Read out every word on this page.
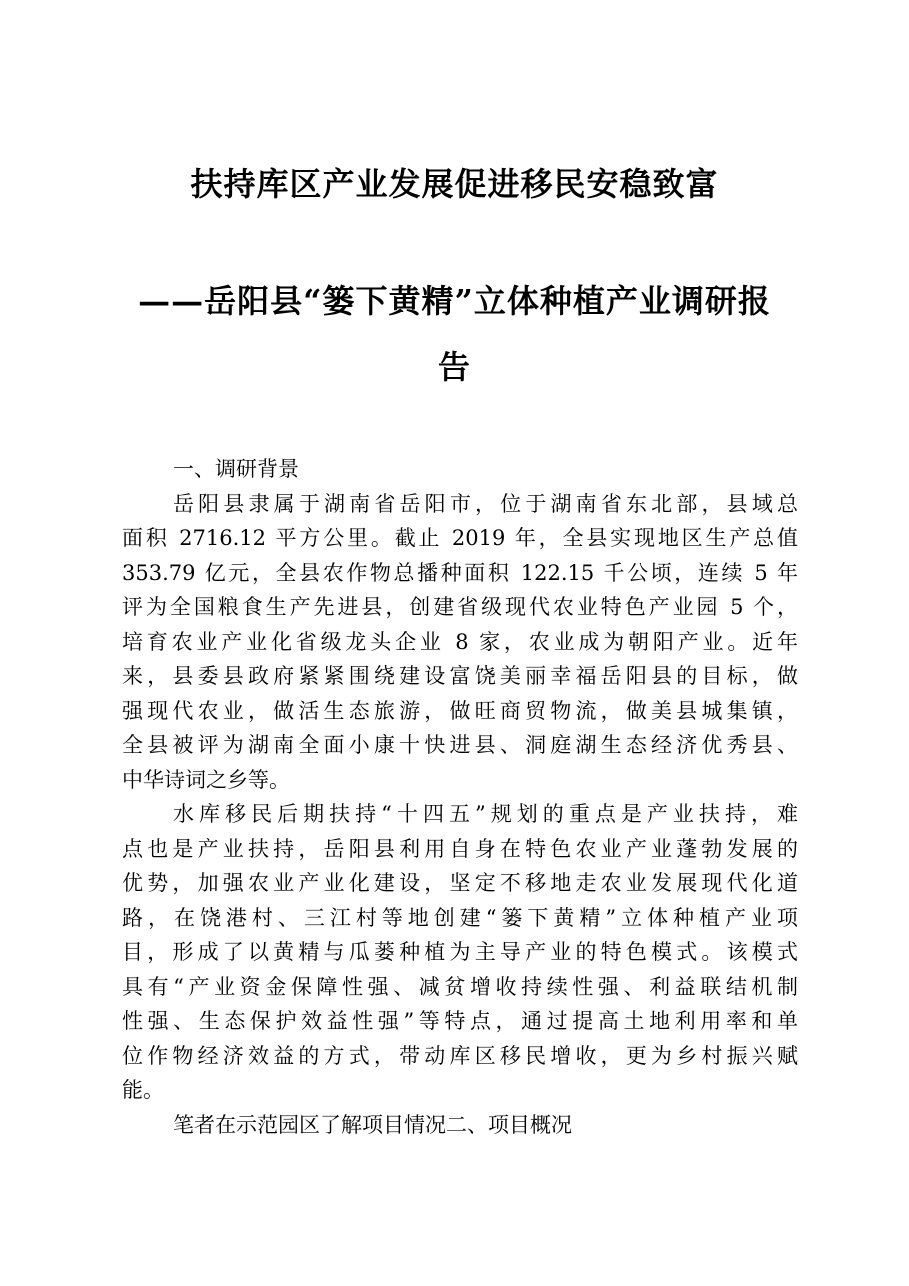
扶持库区产业发展促进移民安稳致富
——岳阳县“篓下黄精”立体种植产业调研报
告
一、调研背景
岳阳县隶属于湖南省岳阳市，位于湖南省东北部，县域总
面积 2716.12 平方公里。截止 2019 年，全县实现地区生产总值
353.79 亿元，全县农作物总播种面积 122.15 千公顷，连续 5 年
评为全国粮食生产先进县，创建省级现代农业特色产业园 5 个，
培育农业产业化省级龙头企业 8 家，农业成为朝阳产业。近年
来，县委县政府紧紧围绕建设富饶美丽幸福岳阳县的目标，做
强现代农业，做活生态旅游，做旺商贸物流，做美县城集镇，
全县被评为湖南全面小康十快进县、洞庭湖生态经济优秀县、
中华诗词之乡等。
水库移民后期扶持“十四五”规划的重点是产业扶持，难
点也是产业扶持，岳阳县利用自身在特色农业产业蓬勃发展的
优势，加强农业产业化建设，坚定不移地走农业发展现代化道
路，在饶港村、三江村等地创建“篓下黄精”立体种植产业项
目，形成了以黄精与瓜蒌种植为主导产业的特色模式。该模式
具有“产业资金保障性强、减贫增收持续性强、利益联结机制
性强、生态保护效益性强”等特点，通过提高土地利用率和单
位作物经济效益的方式，带动库区移民增收，更为乡村振兴赋
能。
笔者在示范园区了解项目情况二、项目概况
